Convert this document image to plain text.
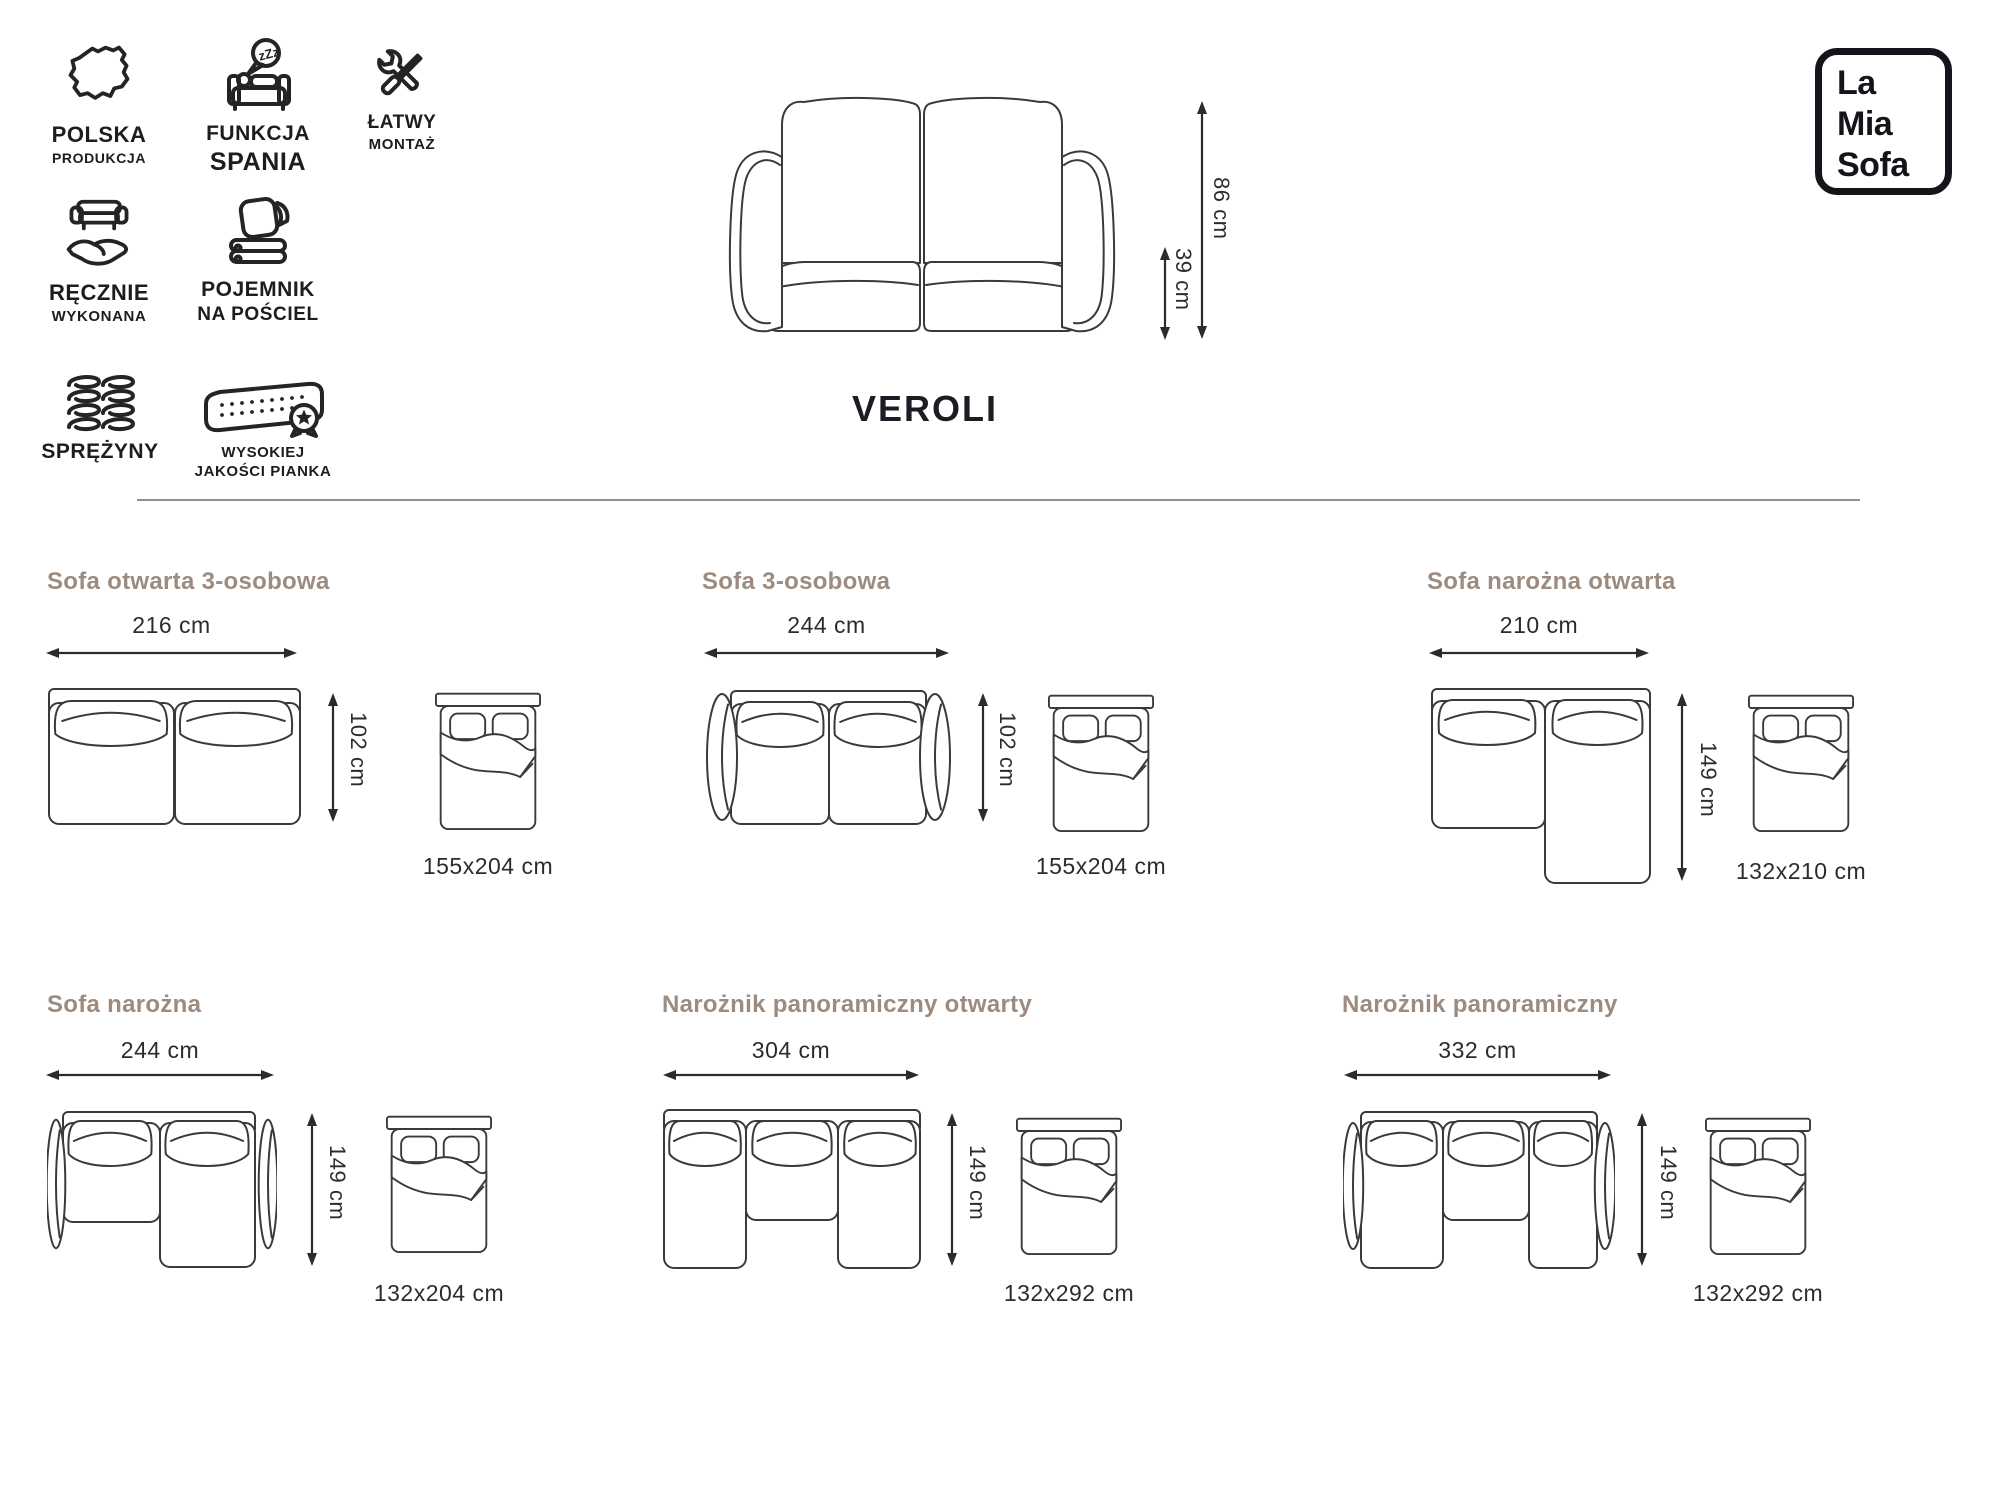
POLSKA
PRODUKCJA
zZz
FUNKCJA
SPANIA
ŁATWY
MONTAŻ
RĘCZNIE
WYKONANA
POJEMNIK
NA POŚCIEL
SPRĘŻYNY	WYSOKIEJ
JAKOŚCI PIANKA
86 cm
39 cm
VEROLI
La
Mia
Sofa
Sofa otwarta 3-osobowa
216 cm
102 cm
155x204 cm
Sofa 3-osobowa
244 cm
102 cm
155x204 cm
Sofa narożna otwarta
210 cm
149 cm
132x210 cm
Sofa narożna
244 cm
149 cm
132x204 cm
Narożnik panoramiczny otwarty
304 cm
149 cm
132x292 cm
Narożnik panoramiczny
332 cm
149 cm
132x292 cm
